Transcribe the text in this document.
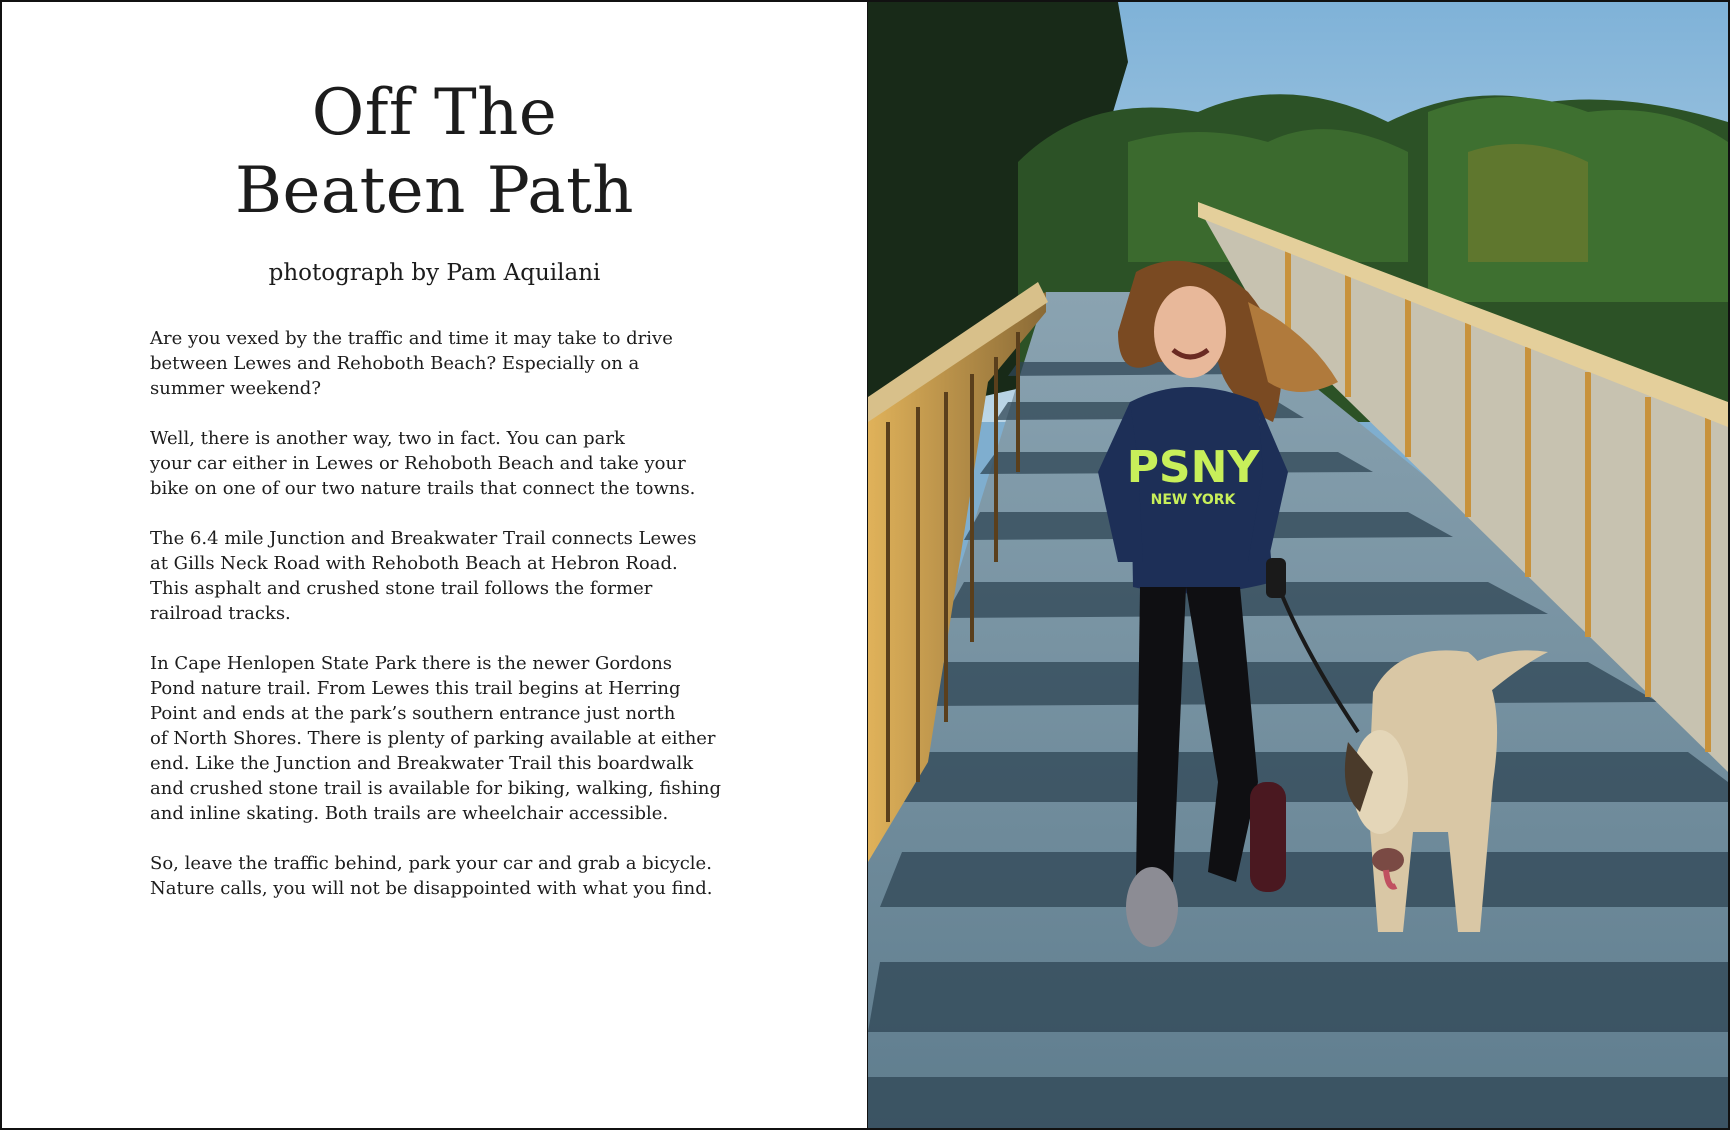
Off The
Beaten Path
photograph by Pam Aquilani
Are you vexed by the traffic and time it may take to drive
between Lewes and Rehoboth Beach? Especially on a
summer weekend?
Well, there is another way, two in fact. You can park
your car either in Lewes or Rehoboth Beach and take your
bike on one of our two nature trails that connect the towns.
The 6.4 mile Junction and Breakwater Trail connects Lewes
at Gills Neck Road with Rehoboth Beach at Hebron Road.
This asphalt and crushed stone trail follows the former
railroad tracks.
In Cape Henlopen State Park there is the newer Gordons
Pond nature trail. From Lewes this trail begins at Herring
Point and ends at the park’s southern entrance just north
of North Shores. There is plenty of parking available at either
end. Like the Junction and Breakwater Trail this boardwalk
and crushed stone trail is available for biking, walking, fishing
and inline skating. Both trails are wheelchair accessible.
So, leave the traffic behind, park your car and grab a bicycle.
Nature calls, you will not be disappointed with what you find.
PSNY
NEW YORK
